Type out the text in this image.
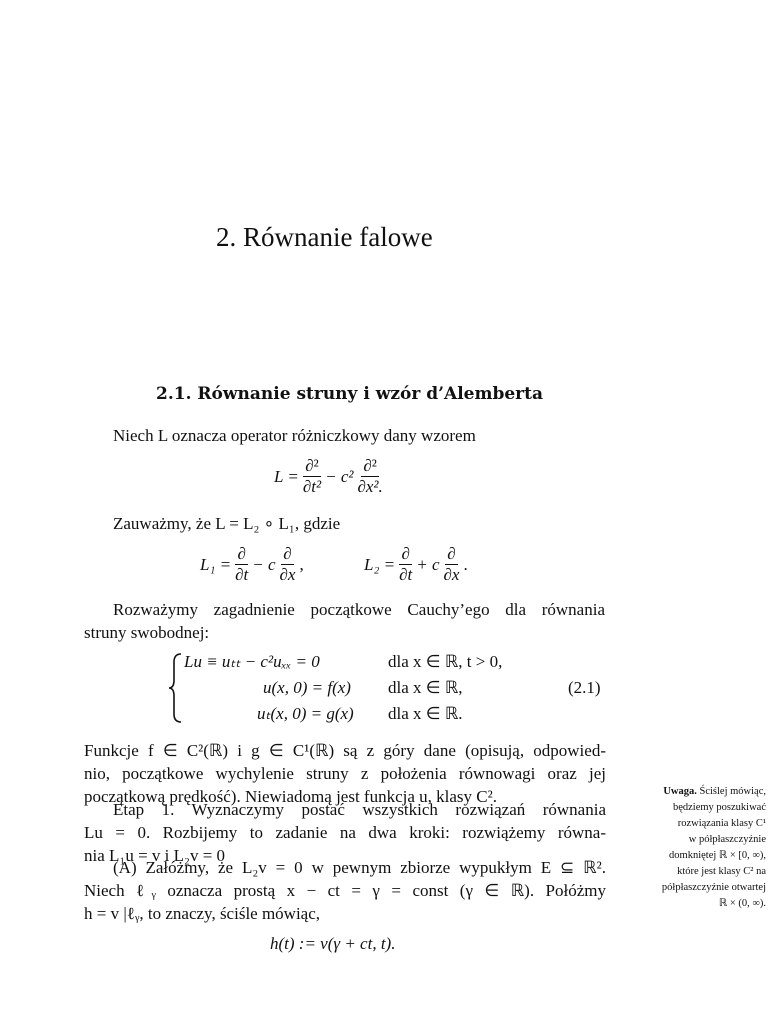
2. Równanie falowe
2.1. Równanie struny i wzór d’Alemberta
Niech L oznacza operator różniczkowy dany wzorem
$L = \frac{\text{∂²}}{\text{∂t²}} - c^2 \frac{\text{∂²}}{\text{∂x².}}$
Zauważmy, że L = L₂ ∘ L₁, gdzie
$L_1 = \frac{\partial}{\partial t} - c \frac{\partial}{\partial x}$ ,	$L_2 = \frac{\partial}{\partial t} + c \frac{\partial}{\partial x}$ .
Rozważymy zagadnienie początkowe Cauchy’ego dla równania
struny swobodnej:
Lu ≡ uₜₜ − c²uₓₓ = 0	dla x ∈ ℝ, t > 0,
u(x, 0) = f(x) dla x ∈ ℝ,
uₜ(x, 0) = g(x) dla x ∈ ℝ.
(2.1)
Funkcje f ∈ C²(ℝ) i g ∈ C¹(ℝ) są z góry dane (opisują, odpowied-
nio, początkowe wychylenie struny z położenia równowagi oraz jej
początkową prędkość). Niewiadomą jest funkcja u, klasy C².
Etap 1. Wyznaczymy postać wszystkich rozwiązań równania
Lu = 0. Rozbijemy to zadanie na dwa kroki: rozwiążemy równa-
nia L₁u = v i L₂v = 0
(A) Załóżmy, że L₂v = 0 w pewnym zbiorze wypukłym E ⊆ ℝ².
Niech ℓᵧ oznacza prostą x − ct = γ = const (γ ∈ ℝ). Połóżmy
h = v |ℓᵧ, to znaczy, ściśle mówiąc,
h(t) := v(γ + ct, t).
Uwaga. Ściślej mówiąc,
będziemy poszukiwać
rozwiązania klasy C¹
w półpłaszczyźnie
domkniętej ℝ × [0, ∞),
które jest klasy C² na
półpłaszczyźnie otwartej
ℝ × (0, ∞).
